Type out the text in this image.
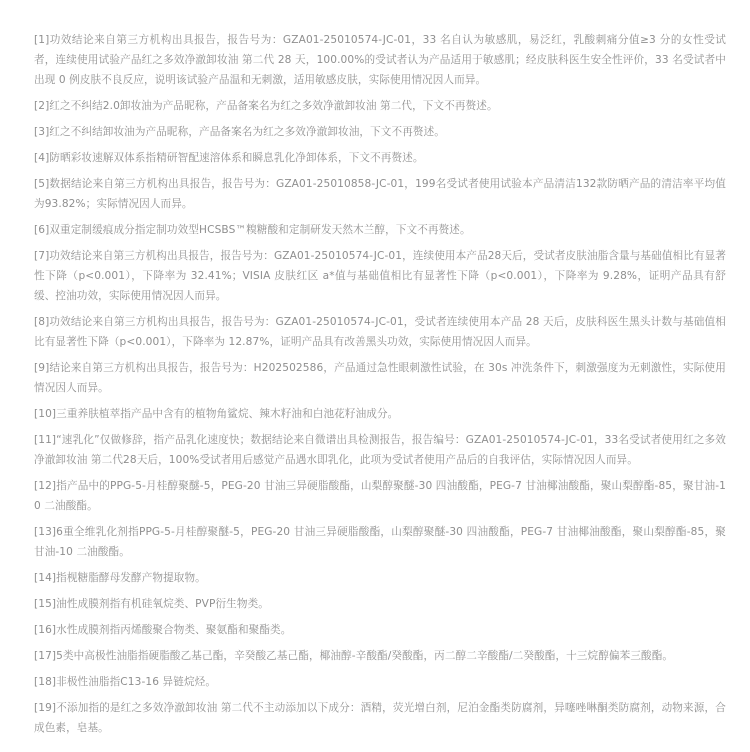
[1]功效结论来自第三方机构出具报告，报告号为：GZA01-25010574-JC-01，33 名自认为敏感肌，易泛红，乳酸刺痛分值≥3 分的女性受试者，连续使用试验产品红之多效净澈卸妆油 第二代 28 天，100.00%的受试者认为产品适用于敏感肌；经皮肤科医生安全性评价，33 名受试者中出现 0 例皮肤不良反应，说明该试验产品温和无刺激，适用敏感皮肤，实际使用情况因人而异。

[2]红之不纠结2.0卸妆油为产品昵称，产品备案名为红之多效净澈卸妆油 第二代，下文不再赘述。

[3]红之不纠结卸妆油为产品昵称，产品备案名为红之多效净澈卸妆油，下文不再赘述。

[4]防晒彩妆速解双体系指精研智配速溶体系和瞬息乳化净卸体系，下文不再赘述。

[5]数据结论来自第三方机构出具报告，报告号为：GZA01-25010858-JC-01，199名受试者使用试验本产品清洁132款防晒产品的清洁率平均值为93.82%；实际情况因人而异。

[6]双重定制缓痕成分指定制功效型HCSBS™糗糖酸和定制研发天然木兰醇，下文不再赘述。

[7]功效结论来自第三方机构出具报告，报告号为：GZA01-25010574-JC-01，连续使用本产品28天后，受试者皮肤油脂含量与基础值相比有显著性下降（p<0.001），下降率为 32.41%；VISIA 皮肤红区 a*值与基础值相比有显著性下降（p<0.001），下降率为 9.28%，证明产品具有舒缓、控油功效，实际使用情况因人而异。

[8]功效结论来自第三方机构出具报告，报告号为：GZA01-25010574-JC-01，受试者连续使用本产品 28 天后，皮肤科医生黑头计数与基础值相比有显著性下降（p<0.001），下降率为 12.87%，证明产品具有改善黑头功效，实际使用情况因人而异。

[9]结论来自第三方机构出具报告，报告号为：H202502586，产品通过急性眼刺激性试验，在 30s 冲洗条件下，刺激强度为无刺激性，实际使用情况因人而异。

[10]三重养肤植萃指产品中含有的植物角鲨烷、辣木籽油和白池花籽油成分。

[11]“速乳化”仅做修辞，指产品乳化速度快；数据结论来自微谱出具检测报告，报告编号：GZA01-25010574-JC-01，33名受试者使用红之多效净澈卸妆油 第二代28天后，100%受试者用后感觉产品遇水即乳化，此项为受试者使用产品后的自我评估，实际情况因人而异。

[12]指产品中的PPG-5-月桂醇聚醚-5，PEG-20 甘油三异硬脂酸酯，山梨醇聚醚-30 四油酸酯，PEG-7 甘油椰油酸酯，聚山梨醇酯-85，聚甘油-10 二油酸酯。

[13]6重全维乳化剂指PPG-5-月桂醇聚醚-5，PEG-20 甘油三异硬脂酸酯，山梨醇聚醚-30 四油酸酯，PEG-7 甘油椰油酸酯，聚山梨醇酯-85，聚甘油-10 二油酸酯。

[14]指枧糖脂酵母发酵产物提取物。

[15]油性成膜剂指有机硅氧烷类、PVP衍生物类。

[16]水性成膜剂指丙烯酸聚合物类、聚氨酯和聚酯类。

[17]5类中高极性油脂指硬脂酸乙基己酯，辛癸酸乙基己酯，椰油醇-辛酸酯/癸酸酯，丙二醇二辛酸酯/二癸酸酯，十三烷醇偏苯三酸酯。

[18]非极性油脂指C13-16 异链烷烃。

[19]不添加指的是红之多效净澈卸妆油 第二代不主动添加以下成分：酒精，荧光增白剂，尼泊金酯类防腐剂，异噻唑啉酮类防腐剂，动物来源，合成色素，皂基。
